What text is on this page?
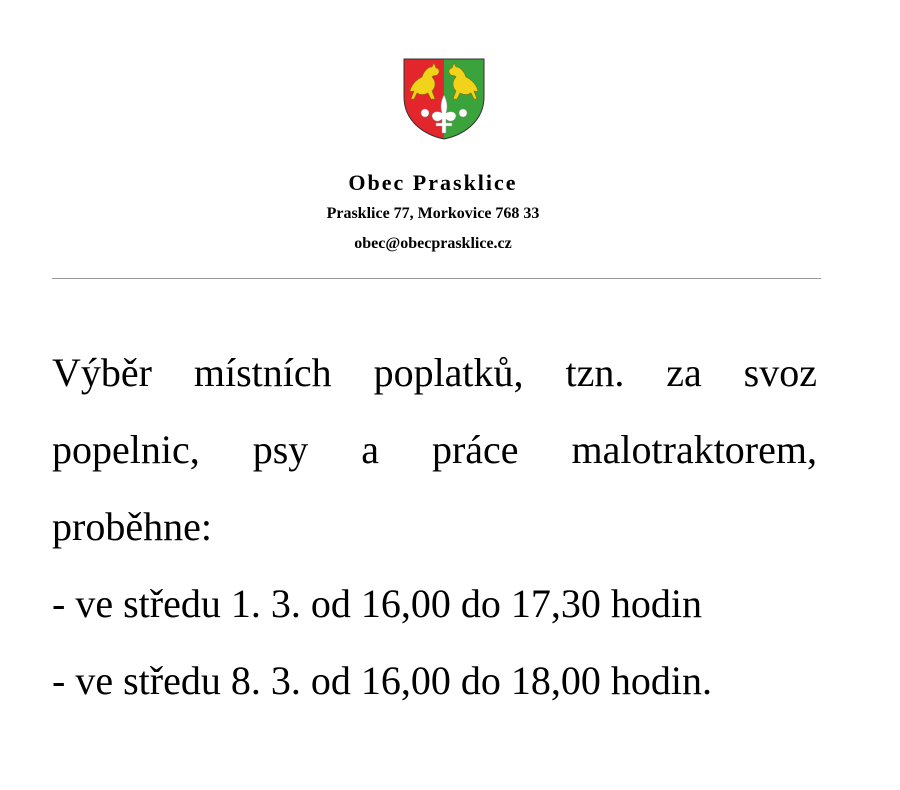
Obec Prasklice
Prasklice 77, Morkovice 768 33
obec@obecprasklice.cz
Výběr místních poplatků, tzn. za svoz
popelnic, psy a práce malotraktorem,
proběhne:
- ve středu 1. 3. od 16,00 do 17,30 hodin
- ve středu 8. 3. od 16,00 do 18,00 hodin.
